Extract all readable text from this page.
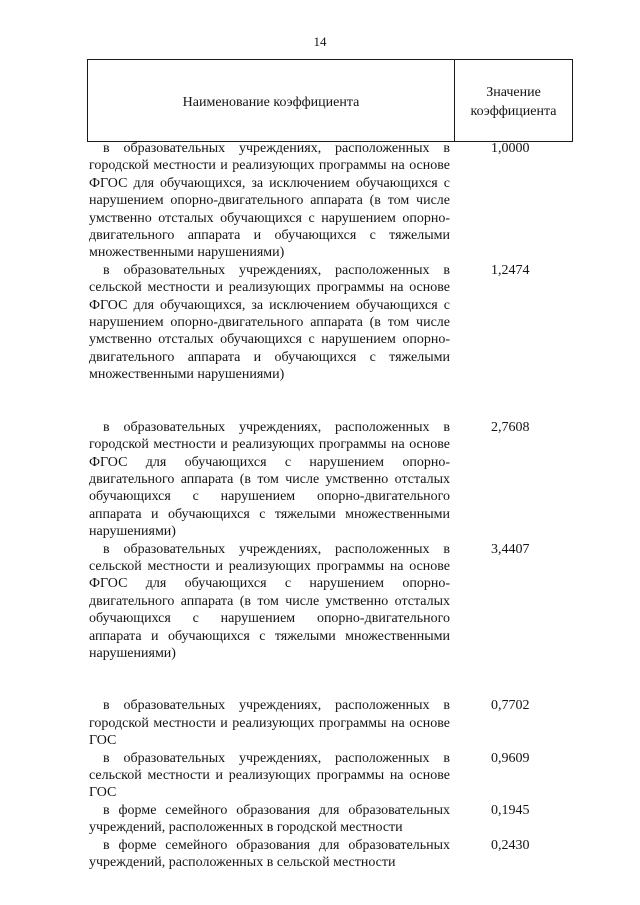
14
Наименование коэффициента
Значение
коэффициента
в образовательных учреждениях, расположенных в городской местности и реализующих программы на основе ФГОС для обучающихся, за исключением обучающихся с нарушением опорно-двигательного аппарата (в том числе умственно отсталых обучающихся с нарушением опорно-двигательного аппарата и обучающихся с тяжелыми множественными нарушениями)
1,0000
в образовательных учреждениях, расположенных в сельской местности и реализующих программы на основе ФГОС для обучающихся, за исключением обучающихся с нарушением опорно-двигательного аппарата (в том числе умственно отсталых обучающихся с нарушением опорно-двигательного аппарата и обучающихся с тяжелыми множественными нарушениями)
1,2474
в образовательных учреждениях, расположенных в городской местности и реализующих программы на основе ФГОС для обучающихся с нарушением опорно-двигательного аппарата (в том числе умственно отсталых обучающихся с нарушением опорно-двигательного аппарата и обучающихся с тяжелыми множественными нарушениями)
2,7608
в образовательных учреждениях, расположенных в сельской местности и реализующих программы на основе ФГОС для обучающихся с нарушением опорно-двигательного аппарата (в том числе умственно отсталых обучающихся с нарушением опорно-двигательного аппарата и обучающихся с тяжелыми множественными нарушениями)
3,4407
в образовательных учреждениях, расположенных в городской местности и реализующих программы на основе ГОС
0,7702
в образовательных учреждениях, расположенных в сельской местности и реализующих программы на основе ГОС
0,9609
в форме семейного образования для образовательных учреждений, расположенных в городской местности
0,1945
в форме семейного образования для образовательных учреждений, расположенных в сельской местности
0,2430
